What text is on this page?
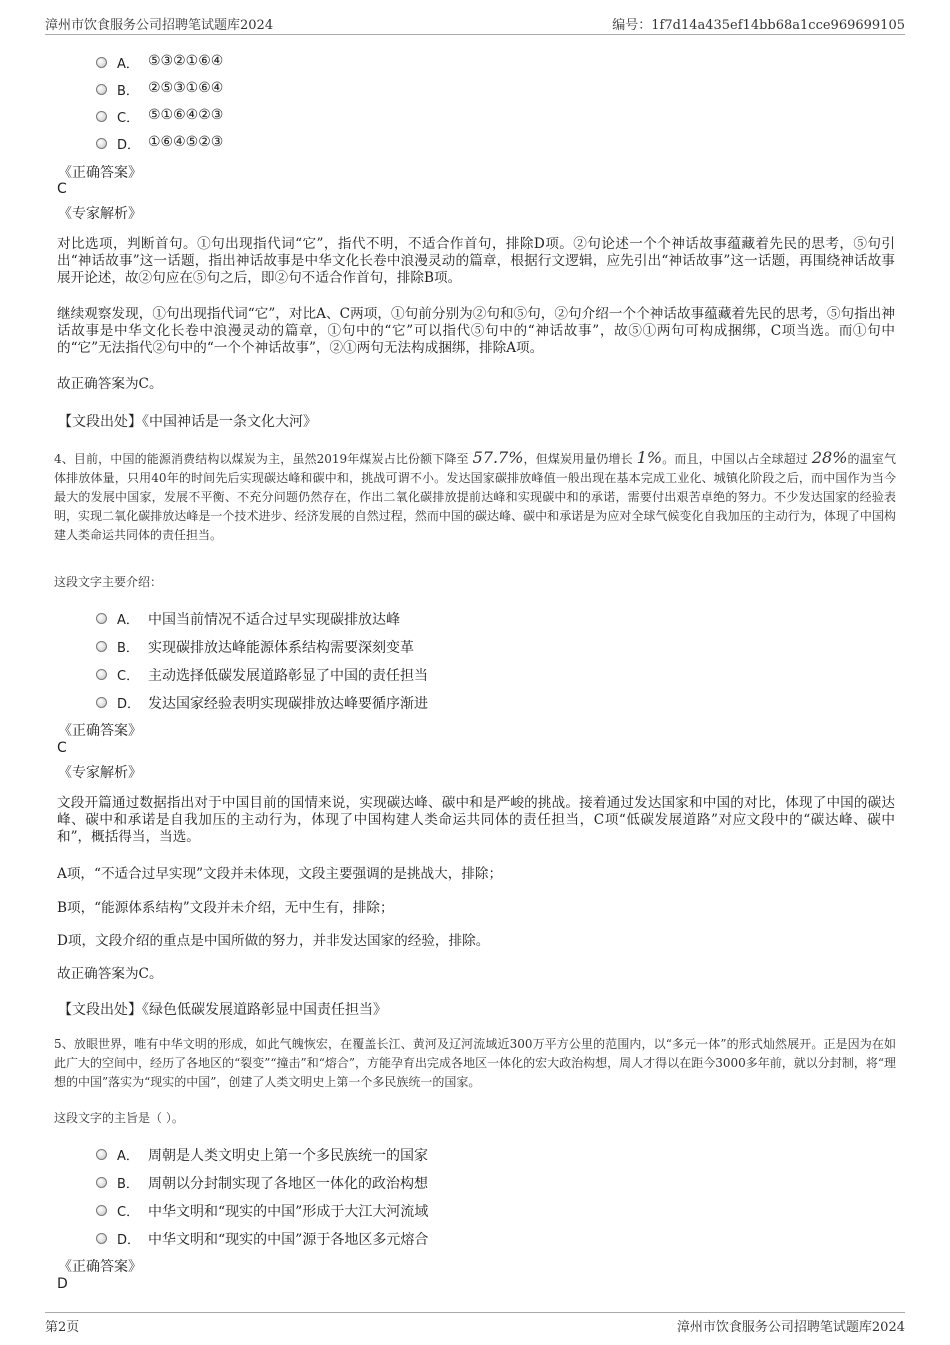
漳州市饮食服务公司招聘笔试题库2024	编号：1f7d14a435ef14bb68a1cce969699105
A． ⑤③②①⑥④
B． ②⑤③①⑥④
C． ⑤①⑥④②③
D． ①⑥④⑤②③
《正确答案》
C
《专家解析》

对比选项，判断首句。①句出现指代词“它”，指代不明，不适合作首句，排除D项。②句论述一个个神话故事蕴藏着先民的思考，⑤句引出“神话故事”这一话题，指出神话故事是中华文化长卷中浪漫灵动的篇章，根据行文逻辑，应先引出“神话故事”这一话题，再围绕神话故事展开论述，故②句应在⑤句之后，即②句不适合作首句，排除B项。

继续观察发现，①句出现指代词“它”，对比A、C两项，①句前分别为②句和⑤句，②句介绍一个个神话故事蕴藏着先民的思考，⑤句指出神话故事是中华文化长卷中浪漫灵动的篇章，①句中的“它”可以指代⑤句中的“神话故事”，故⑤①两句可构成捆绑，C项当选。而①句中的“它”无法指代②句中的“一个个神话故事”，②①两句无法构成捆绑，排除A项。

故正确答案为C。

【文段出处】《中国神话是一条文化大河》

4、目前，中国的能源消费结构以煤炭为主，虽然2019年煤炭占比份额下降至 57.7%，但煤炭用量仍增长 1%。而且，中国以占全球超过 28%的温室气体排放体量，只用40年的时间先后实现碳达峰和碳中和，挑战可谓不小。发达国家碳排放峰值一般出现在基本完成工业化、城镇化阶段之后，而中国作为当今最大的发展中国家，发展不平衡、不充分问题仍然存在，作出二氧化碳排放提前达峰和实现碳中和的承诺，需要付出艰苦卓绝的努力。不少发达国家的经验表明，实现二氧化碳排放达峰是一个技术进步、经济发展的自然过程，然而中国的碳达峰、碳中和承诺是为应对全球气候变化自我加压的主动行为，体现了中国构建人类命运共同体的责任担当。

这段文字主要介绍：
A． 中国当前情况不适合过早实现碳排放达峰
B． 实现碳排放达峰能源体系结构需要深刻变革
C． 主动选择低碳发展道路彰显了中国的责任担当
D． 发达国家经验表明实现碳排放达峰要循序渐进
《正确答案》
C
《专家解析》

文段开篇通过数据指出对于中国目前的国情来说，实现碳达峰、碳中和是严峻的挑战。接着通过发达国家和中国的对比，体现了中国的碳达峰、碳中和承诺是自我加压的主动行为，体现了中国构建人类命运共同体的责任担当，C项“低碳发展道路”对应文段中的“碳达峰、碳中和”，概括得当，当选。

A项，“不适合过早实现”文段并未体现，文段主要强调的是挑战大，排除；

B项，“能源体系结构”文段并未介绍，无中生有，排除；

D项，文段介绍的重点是中国所做的努力，并非发达国家的经验，排除。

故正确答案为C。

【文段出处】《绿色低碳发展道路彰显中国责任担当》

5、放眼世界，唯有中华文明的形成，如此气魄恢宏，在覆盖长江、黄河及辽河流域近300万平方公里的范围内，以“多元一体”的形式灿然展开。正是因为在如此广大的空间中，经历了各地区的“裂变”“撞击”和“熔合”，方能孕育出完成各地区一体化的宏大政治构想，周人才得以在距今3000多年前，就以分封制，将“理想的中国”落实为“现实的中国”，创建了人类文明史上第一个多民族统一的国家。

这段文字的主旨是（ ）。
A． 周朝是人类文明史上第一个多民族统一的国家
B． 周朝以分封制实现了各地区一体化的政治构想
C． 中华文明和“现实的中国”形成于大江大河流域
D． 中华文明和“现实的中国”源于各地区多元熔合
《正确答案》
D
第2页	漳州市饮食服务公司招聘笔试题库2024
